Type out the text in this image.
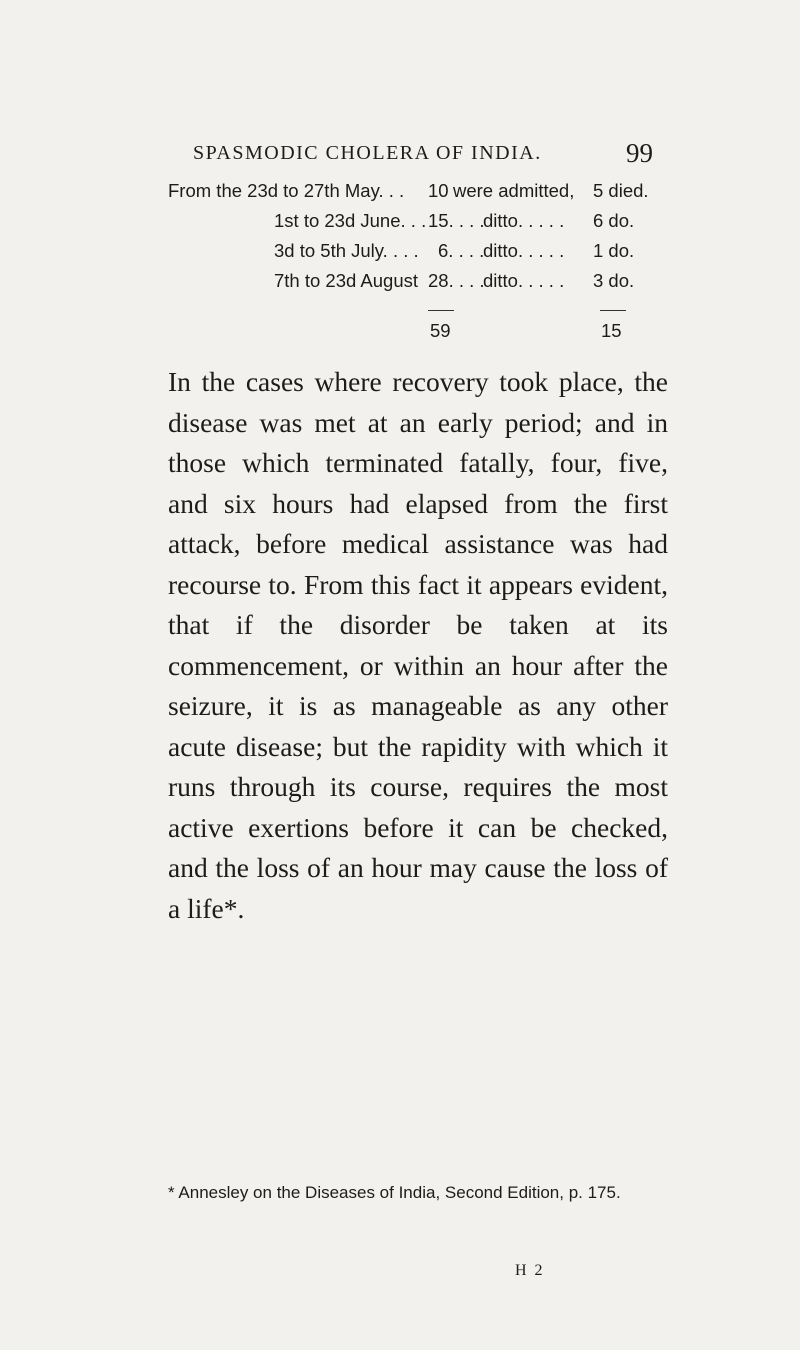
SPASMODIC CHOLERA OF INDIA.	99
From the 23d to 27th May. . . 10 were admitted, 5 died.
1st to 23d June. . . 15. . . .
ditto. . . . . 6 do.
3d to 5th July. . . . 6. . . .
ditto. . . . . 1 do.
7th to 23d August 28. . . .
ditto. . . . . 3 do.
59	15

In the cases where recovery took place, the disease was met at an early period; and in those which terminated fatally, four, five, and six hours had elapsed from the first attack, before medical assistance was had recourse to. From this fact it appears evident, that if the disorder be taken at its commencement, or within an hour after the seizure, it is as manageable as any other acute disease; but the rapidity with which it runs through its course, requires the most active exertions before it can be checked, and the loss of an hour may cause the loss of a life*.

* Annesley on the Diseases of India, Second Edition, p. 175.
H 2
